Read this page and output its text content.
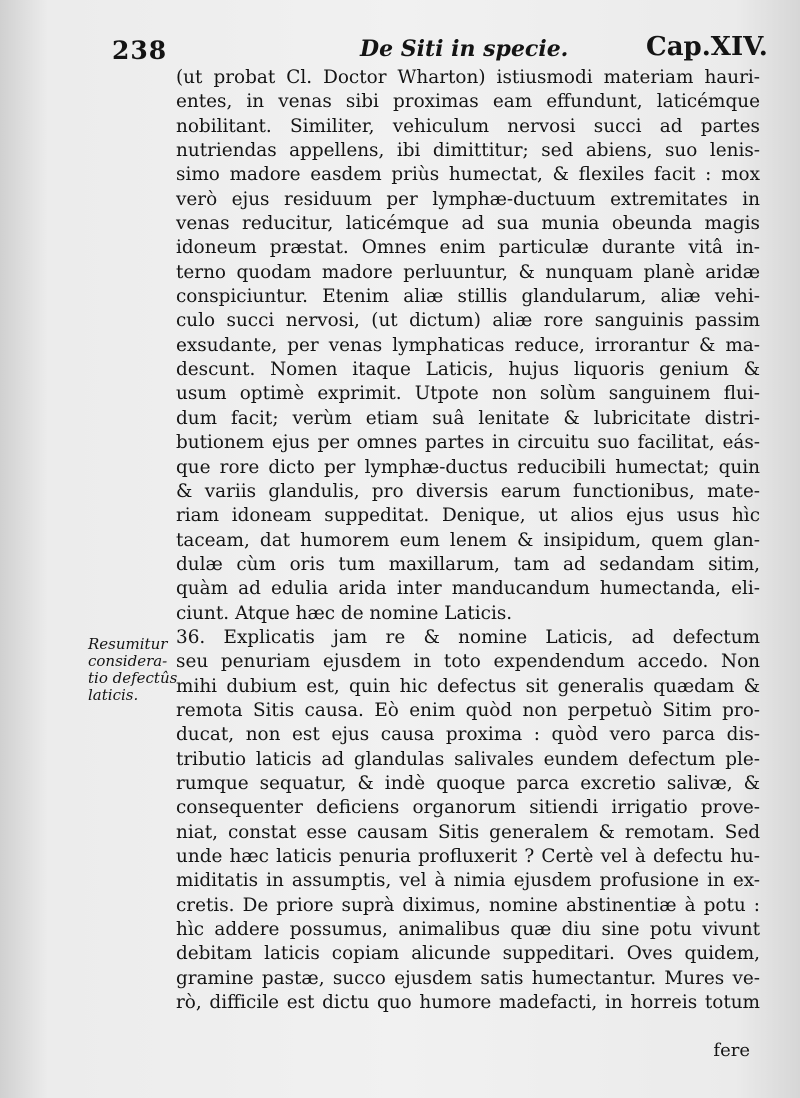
238	De Siti in specie.	Cap.XIV.
(ut probat Cl. Doctor Wharton) istiusmodi materiam hauri-
entes, in venas sibi proximas eam effundunt, laticémque
nobilitant. Similiter, vehiculum nervosi succi ad partes
nutriendas appellens, ibi dimittitur; sed abiens, suo lenis-
simo madore easdem priùs humectat, & flexiles facit : mox
verò ejus residuum per lymphæ-ductuum extremitates in
venas reducitur, laticémque ad sua munia obeunda magis
idoneum præstat. Omnes enim particulæ durante vitâ in-
terno quodam madore perluuntur, & nunquam planè aridæ
conspiciuntur. Etenim aliæ stillis glandularum, aliæ vehi-
culo succi nervosi, (ut dictum) aliæ rore sanguinis passim
exsudante, per venas lymphaticas reduce, irrorantur & ma-
descunt. Nomen itaque Laticis, hujus liquoris genium &
usum optimè exprimit. Utpote non solùm sanguinem flui-
dum facit; verùm etiam suâ lenitate & lubricitate distri-
butionem ejus per omnes partes in circuitu suo facilitat, eás-
que rore dicto per lymphæ-ductus reducibili humectat; quin
& variis glandulis, pro diversis earum functionibus, mate-
riam idoneam suppeditat. Denique, ut alios ejus usus hìc
taceam, dat humorem eum lenem & insipidum, quem glan-
dulæ cùm oris tum maxillarum, tam ad sedandam sitim,
quàm ad edulia arida inter manducandum humectanda, eli-
ciunt. Atque hæc de nomine Laticis.
36. Explicatis jam re & nomine Laticis, ad defectum
seu penuriam ejusdem in toto expendendum accedo. Non
mihi dubium est, quin hic defectus sit generalis quædam &
remota Sitis causa. Eò enim quòd non perpetuò Sitim pro-
ducat, non est ejus causa proxima : quòd vero parca dis-
tributio laticis ad glandulas salivales eundem defectum ple-
rumque sequatur, & indè quoque parca excretio salivæ, &
consequenter deficiens organorum sitiendi irrigatio prove-
niat, constat esse causam Sitis generalem & remotam. Sed
unde hæc laticis penuria profluxerit ? Certè vel à defectu hu-
miditatis in assumptis, vel à nimia ejusdem profusione in ex-
cretis. De priore suprà diximus, nomine abstinentiæ à potu :
hìc addere possumus, animalibus quæ diu sine potu vivunt
debitam laticis copiam alicunde suppeditari. Oves quidem,
gramine pastæ, succo ejusdem satis humectantur. Mures ve-
rò, difficile est dictu quo humore madefacti, in horreis totum
Resumitur
considera-
tio defectûs
laticis.
fere
